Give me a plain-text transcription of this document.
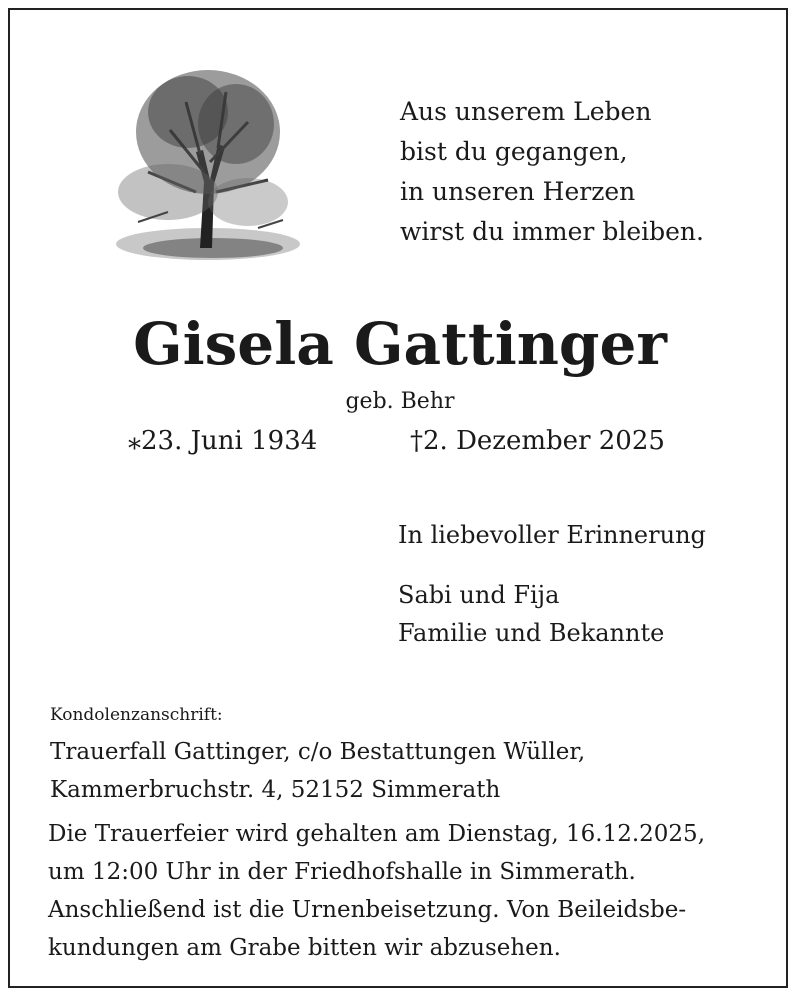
Aus unserem Leben
bist du gegangen,
in unseren Herzen
wirst du immer bleiben.
Gisela Gattinger
geb. Behr
⁎23. Juni 1934	†2. Dezember 2025
In liebevoller Erinnerung
Sabi und Fija
Familie und Bekannte
Kondolenzanschrift:
Trauerfall Gattinger, c/o Bestattungen Wüller,
Kammerbruchstr. 4, 52152 Simmerath
Die Trauerfeier wird gehalten am Dienstag, 16.12.2025,
um 12:00 Uhr in der Friedhofshalle in Simmerath.
Anschließend ist die Urnenbeisetzung. Von Beileidsbe-
kundungen am Grabe bitten wir abzusehen.
